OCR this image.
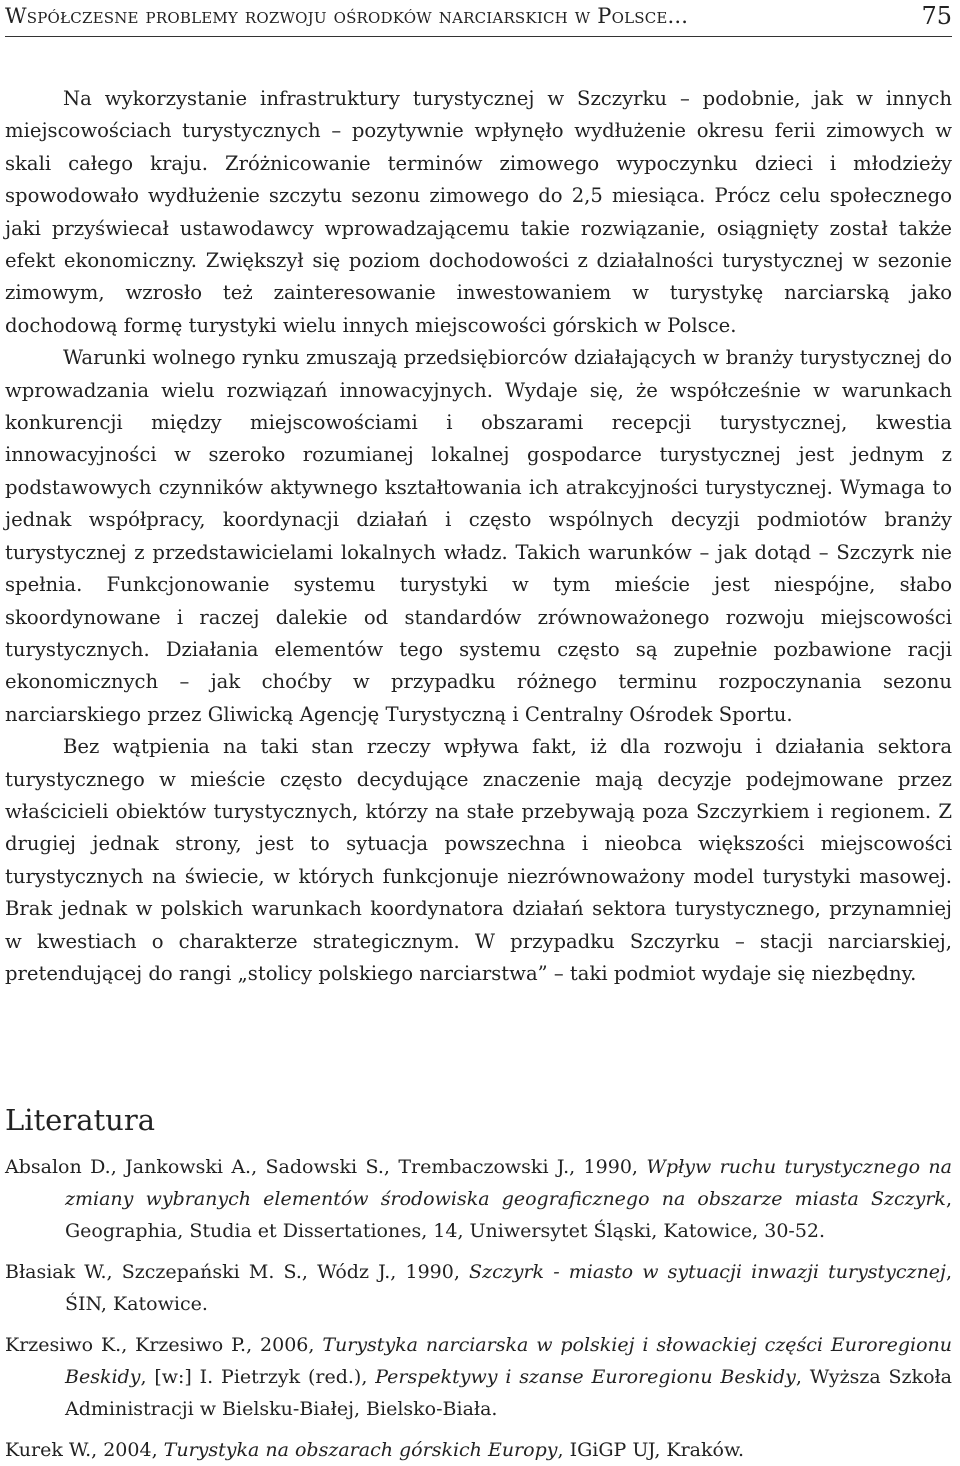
Współczesne problemy rozwoju ośrodków narciarskich w Polsce...	75

Na wykorzystanie infrastruktury turystycznej w Szczyrku – podobnie, jak w innych miejscowościach turystycznych – pozytywnie wpłynęło wydłużenie okresu ferii zimowych w skali całego kraju. Zróżnicowanie terminów zimowego wypoczynku dzieci i młodzieży spowodowało wydłużenie szczytu sezonu zimowego do 2,5 miesiąca. Prócz celu społecznego jaki przyświecał ustawodawcy wprowadzającemu takie rozwiązanie, osiągnięty został także efekt ekonomiczny. Zwiększył się poziom dochodowości z działalności turystycznej w sezonie zimowym, wzrosło też zainteresowanie inwestowaniem w turystykę narciarską jako dochodową formę turystyki wielu innych miejscowości górskich w Polsce.

Warunki wolnego rynku zmuszają przedsiębiorców działających w branży turystycznej do wprowadzania wielu rozwiązań innowacyjnych. Wydaje się, że współcześnie w warunkach konkurencji między miejscowościami i obszarami recepcji turystycznej, kwestia innowacyjności w szeroko rozumianej lokalnej gospodarce turystycznej jest jednym z podstawowych czynników aktywnego kształtowania ich atrakcyjności turystycznej. Wymaga to jednak współpracy, koordynacji działań i często wspólnych decyzji podmiotów branży turystycznej z przedstawicielami lokalnych władz. Takich warunków – jak dotąd – Szczyrk nie spełnia. Funkcjonowanie systemu turystyki w tym mieście jest niespójne, słabo skoordynowane i raczej dalekie od standardów zrównoważonego rozwoju miejscowości turystycznych. Działania elementów tego systemu często są zupełnie pozbawione racji ekonomicznych – jak choćby w przypadku różnego terminu rozpoczynania sezonu narciarskiego przez Gliwicką Agencję Turystyczną i Centralny Ośrodek Sportu.

Bez wątpienia na taki stan rzeczy wpływa fakt, iż dla rozwoju i działania sektora turystycznego w mieście często decydujące znaczenie mają decyzje podejmowane przez właścicieli obiektów turystycznych, którzy na stałe przebywają poza Szczyrkiem i regionem. Z drugiej jednak strony, jest to sytuacja powszechna i nieobca większości miejscowości turystycznych na świecie, w których funkcjonuje niezrównoważony model turystyki masowej. Brak jednak w polskich warunkach koordynatora działań sektora turystycznego, przynamniej w kwestiach o charakterze strategicznym. W przypadku Szczyrku – stacji narciarskiej, pretendującej do rangi „stolicy polskiego narciarstwa” – taki podmiot wydaje się niezbędny.

Literatura

Absalon D., Jankowski A., Sadowski S., Trembaczowski J., 1990, Wpływ ruchu turystycznego na zmiany wybranych elementów środowiska geograficznego na obszarze miasta Szczyrk, Geographia, Studia et Dissertationes, 14, Uniwersytet Śląski, Katowice, 30-52.

Błasiak W., Szczepański M. S., Wódz J., 1990, Szczyrk - miasto w sytuacji inwazji turystycznej, ŚIN, Katowice.

Krzesiwo K., Krzesiwo P., 2006, Turystyka narciarska w polskiej i słowackiej części Euroregionu Beskidy, [w:] I. Pietrzyk (red.), Perspektywy i szanse Euroregionu Beskidy, Wyższa Szkoła Administracji w Bielsku-Białej, Bielsko-Biała.

Kurek W., 2004, Turystyka na obszarach górskich Europy, IGiGP UJ, Kraków.
